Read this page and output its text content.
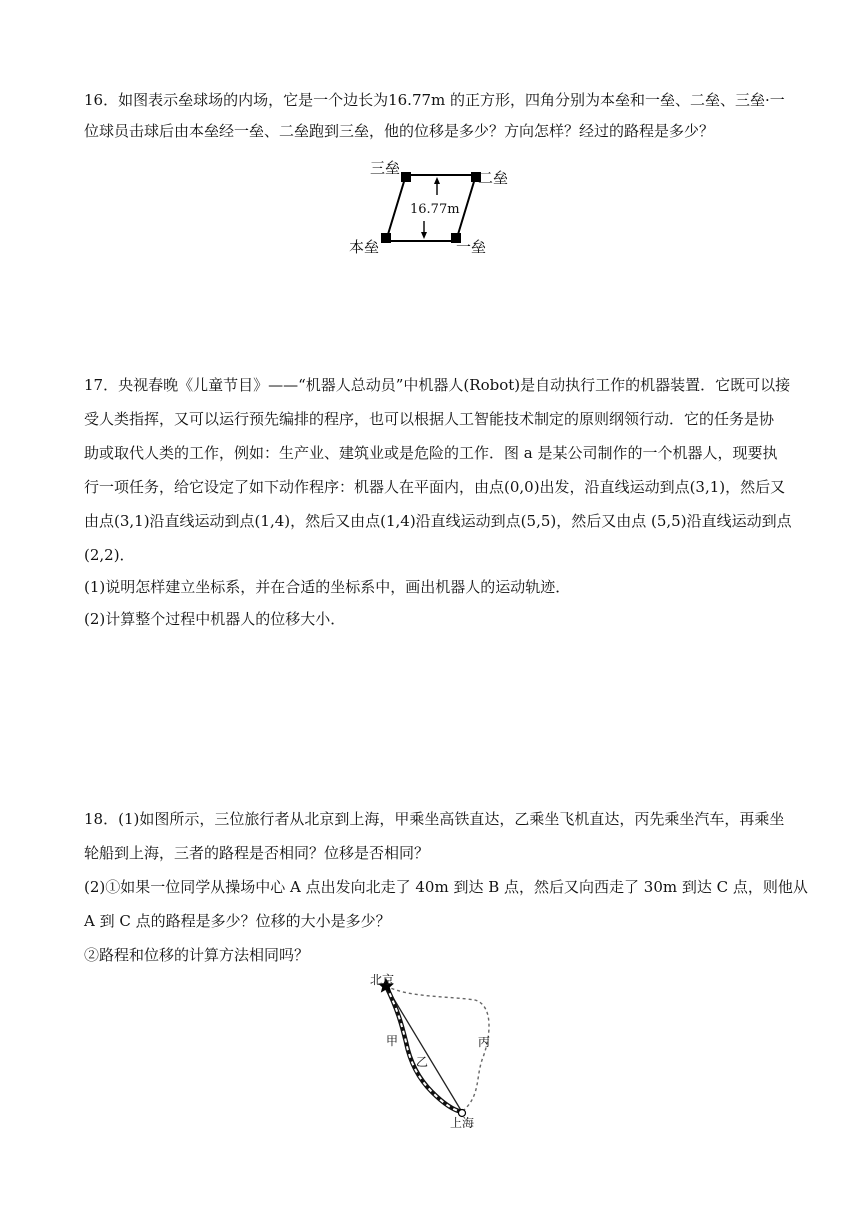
16．如图表示垒球场的内场，它是一个边长为16.77m 的正方形，四角分别为本垒和一垒、二垒、三垒·一
位球员击球后由本垒经一垒、二垒跑到三垒，他的位移是多少？方向怎样？经过的路程是多少？
16.77m
三垒
二垒
本垒	一垒
17．央视春晚《儿童节目》——“机器人总动员”中机器人(Robot)是自动执行工作的机器装置．它既可以接
受人类指挥，又可以运行预先编排的程序，也可以根据人工智能技术制定的原则纲领行动．它的任务是协
助或取代人类的工作，例如：生产业、建筑业或是危险的工作．图 a 是某公司制作的一个机器人，现要执
行一项任务，给它设定了如下动作程序：机器人在平面内，由点(0,0)出发，沿直线运动到点(3,1)，然后又
由点(3,1)沿直线运动到点(1,4)，然后又由点(1,4)沿直线运动到点(5,5)，然后又由点 (5,5)沿直线运动到点
(2,2)．
(1)说明怎样建立坐标系，并在合适的坐标系中，画出机器人的运动轨迹．
(2)计算整个过程中机器人的位移大小．
18．(1)如图所示，三位旅行者从北京到上海，甲乘坐高铁直达，乙乘坐飞机直达，丙先乘坐汽车，再乘坐
轮船到上海，三者的路程是否相同？位移是否相同？
(2)①如果一位同学从操场中心 A 点出发向北走了 40m 到达 B 点，然后又向西走了 30m 到达 C 点，则他从
A 到 C 点的路程是多少？位移的大小是多少？
②路程和位移的计算方法相同吗？
北京
上海
甲
乙
丙
